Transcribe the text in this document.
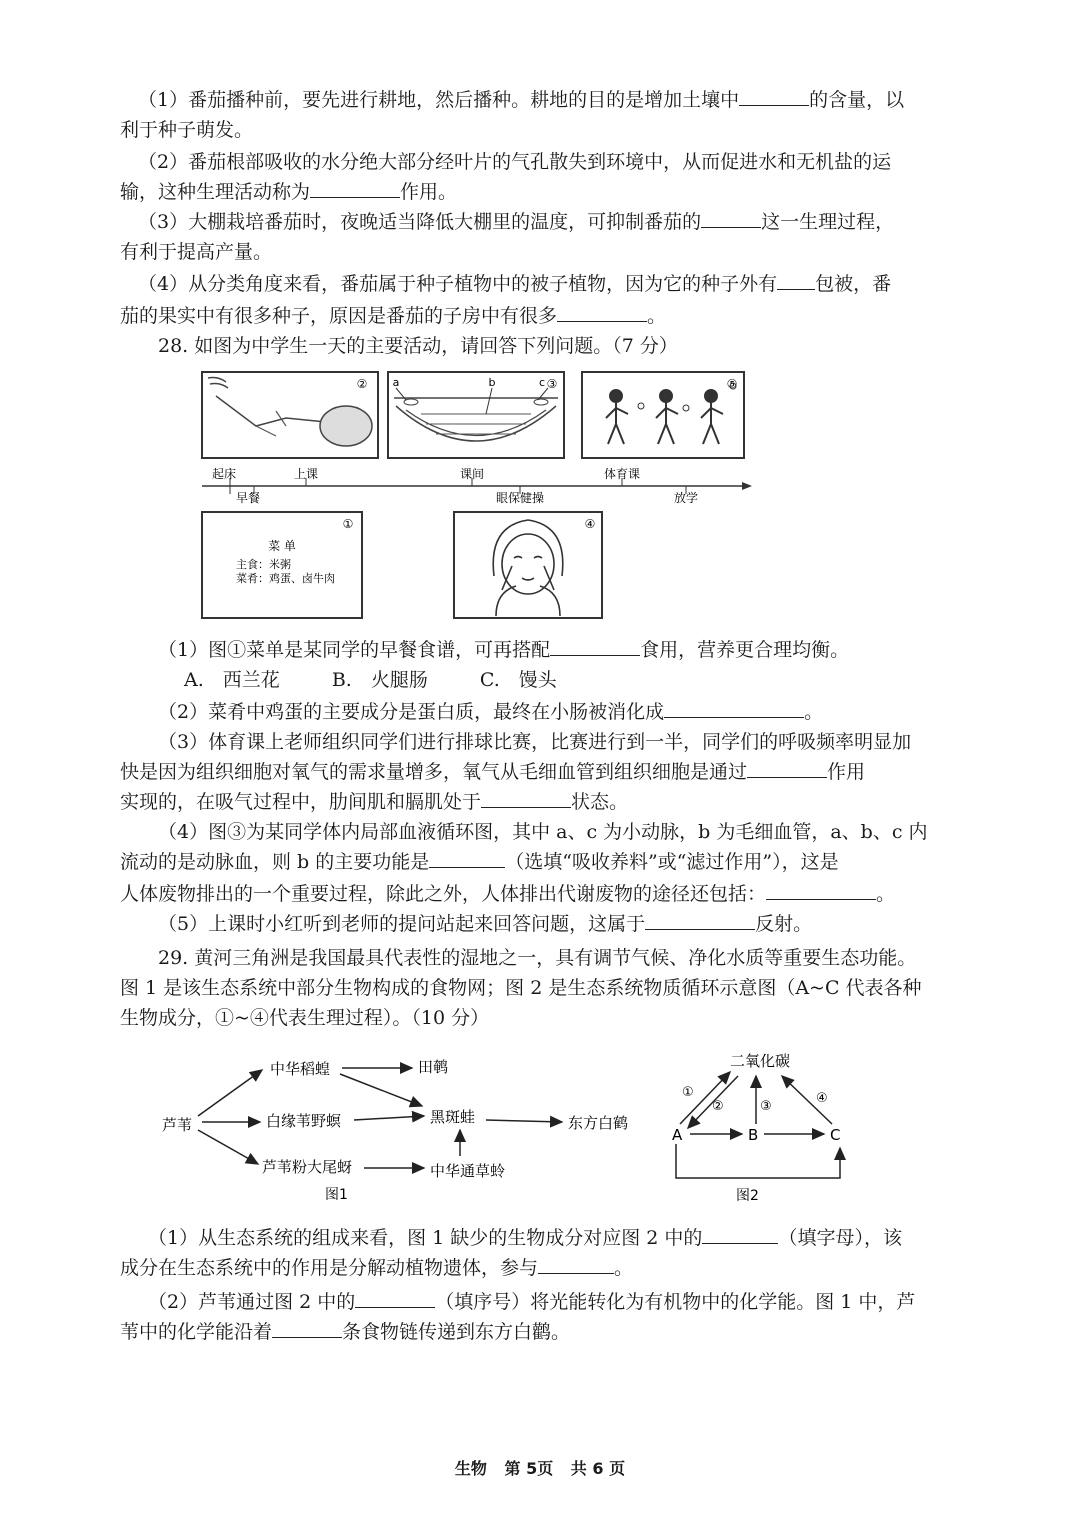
（1）番茄播种前，要先进行耕地，然后播种。耕地的目的是增加土壤中	的含量，以
利于种子萌发。
（2）番茄根部吸收的水分绝大部分经叶片的气孔散失到环境中，从而促进水和无机盐的运
输，这种生理活动称为	作用。
（3）大棚栽培番茄时，夜晚适当降低大棚里的温度，可抑制番茄的	这一生理过程，
有利于提高产量。
（4）从分类角度来看，番茄属于种子植物中的被子植物，因为它的种子外有 包被，番
茄的果实中有很多种子，原因是番茄的子房中有很多	。
28. 如图为中学生一天的主要活动，请回答下列问题。（7 分）
②	③	⑤
a	b	c
起床	上课	课间	体育课
早餐	眼保健操	放学
①
菜 单
主食：米粥
菜肴：鸡蛋、卤牛肉
④
（1）图①菜单是某同学的早餐食谱，可再搭配	食用，营养更合理均衡。
A.　西兰花	B.　火腿肠	C.　馒头
（2）菜肴中鸡蛋的主要成分是蛋白质，最终在小肠被消化成	。
（3）体育课上老师组织同学们进行排球比赛，比赛进行到一半，同学们的呼吸频率明显加
快是因为组织细胞对氧气的需求量增多，氧气从毛细血管到组织细胞是通过	作用
实现的，在吸气过程中，肋间肌和膈肌处于	状态。
（4）图③为某同学体内局部血液循环图，其中 a、c 为小动脉，b 为毛细血管，a、b、c 内
流动的是动脉血，则 b 的主要功能是	（选填“吸收养料”或“滤过作用”），这是
人体废物排出的一个重要过程，除此之外，人体排出代谢废物的途径还包括：	。
（5）上课时小红听到老师的提问站起来回答问题，这属于	反射。
29. 黄河三角洲是我国最具代表性的湿地之一，具有调节气候、净化水质等重要生态功能。
图 1 是该生态系统中部分生物构成的食物网；图 2 是生态系统物质循环示意图（A~C 代表各种
生物成分，①~④代表生理过程）。（10 分）
芦苇
中华稻蝗
白缘苇野螟
芦苇粉大尾蚜
田鹌
黑斑蛙
中华通草蛉
东方白鹤
图1
二氧化碳
A	B	C
①
②	③
④
图2
（1）从生态系统的组成来看，图 1 缺少的生物成分对应图 2 中的	（填字母），该
成分在生态系统中的作用是分解动植物遗体，参与	。
（2）芦苇通过图 2 中的	（填序号）将光能转化为有机物中的化学能。图 1 中，芦
苇中的化学能沿着	条食物链传递到东方白鹳。
生物 第 5页 共 6 页
